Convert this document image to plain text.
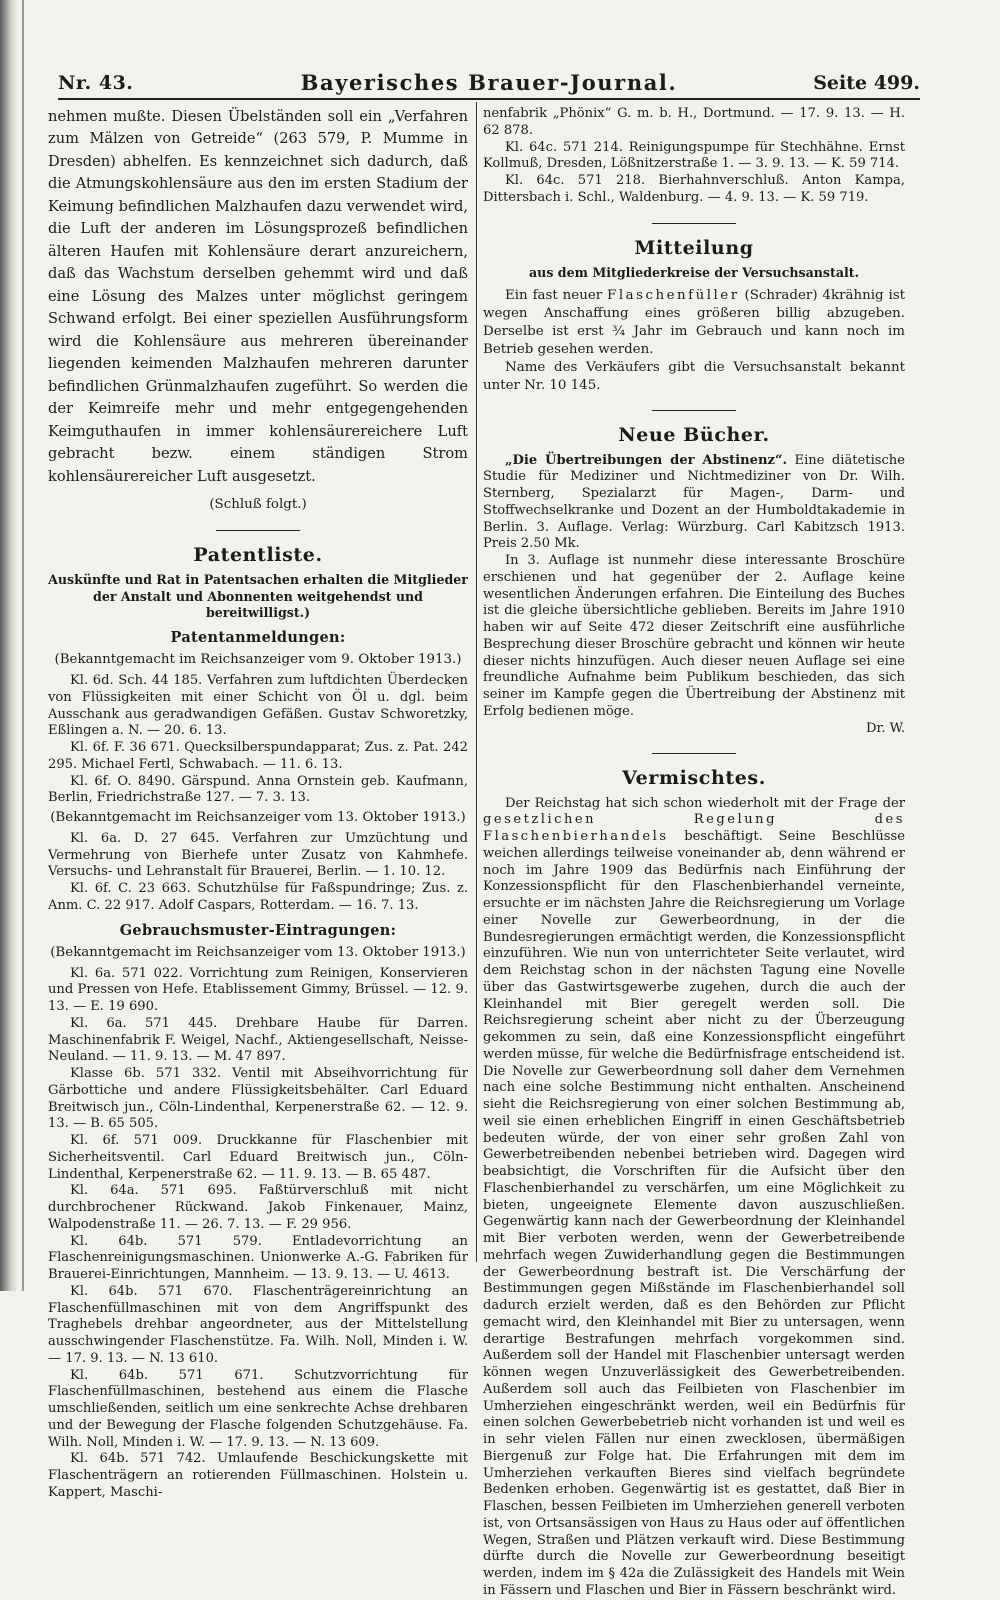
Nr. 43.	Bayerisches Brauer-Journal.	Seite 499.

nehmen mußte. Diesen Übelständen soll ein „Verfahren zum Mälzen von Getreide“ (263 579, P. Mumme in Dresden) abhelfen. Es kennzeichnet sich dadurch, daß die Atmungskohlensäure aus den im ersten Stadium der Keimung befindlichen Malzhaufen dazu verwendet wird, die Luft der anderen im Lösungsprozeß befindlichen älteren Haufen mit Kohlensäure derart anzureichern, daß das Wachstum derselben gehemmt wird und daß eine Lösung des Malzes unter möglichst geringem Schwand erfolgt. Bei einer speziellen Ausführungsform wird die Kohlensäure aus mehreren übereinander liegenden keimenden Malzhaufen mehreren darunter befindlichen Grünmalzhaufen zugeführt. So werden die der Keimreife mehr und mehr entgegengehenden Keimguthaufen in immer kohlensäurereichere Luft gebracht bezw. einem ständigen Strom kohlensäurereicher Luft ausgesetzt.

(Schluß folgt.)

Patentliste.

Auskünfte und Rat in Patentsachen erhalten die Mitglieder der Anstalt und Abonnenten weitgehendst und bereitwilligst.)

Patentanmeldungen:

(Bekanntgemacht im Reichsanzeiger vom 9. Oktober 1913.)

Kl. 6d. Sch. 44 185. Verfahren zum luftdichten Überdecken von Flüssigkeiten mit einer Schicht von Öl u. dgl. beim Ausschank aus geradwandigen Gefäßen. Gustav Schworetzky, Eßlingen a. N. — 20. 6. 13.

Kl. 6f. F. 36 671. Quecksilberspundapparat; Zus. z. Pat. 242 295. Michael Fertl, Schwabach. — 11. 6. 13.

Kl. 6f. O. 8490. Gärspund. Anna Ornstein geb. Kaufmann, Berlin, Friedrichstraße 127. — 7. 3. 13.

(Bekanntgemacht im Reichsanzeiger vom 13. Oktober 1913.)

Kl. 6a. D. 27 645. Verfahren zur Umzüchtung und Vermehrung von Bierhefe unter Zusatz von Kahmhefe. Versuchs- und Lehranstalt für Brauerei, Berlin. — 1. 10. 12.

Kl. 6f. C. 23 663. Schutzhülse für Faßspundringe; Zus. z. Anm. C. 22 917. Adolf Caspars, Rotterdam. — 16. 7. 13.

Gebrauchsmuster-Eintragungen:

(Bekanntgemacht im Reichsanzeiger vom 13. Oktober 1913.)

Kl. 6a. 571 022. Vorrichtung zum Reinigen, Konservieren und Pressen von Hefe. Etablissement Gimmy, Brüssel. — 12. 9. 13. — E. 19 690.

Kl. 6a. 571 445. Drehbare Haube für Darren. Maschinenfabrik F. Weigel, Nachf., Aktiengesellschaft, Neisse-Neuland. — 11. 9. 13. — M. 47 897.

Klasse 6b. 571 332. Ventil mit Abseihvorrichtung für Gärbottiche und andere Flüssigkeitsbehälter. Carl Eduard Breitwisch jun., Cöln-Lindenthal, Kerpenerstraße 62. — 12. 9. 13. — B. 65 505.

Kl. 6f. 571 009. Druckkanne für Flaschenbier mit Sicherheitsventil. Carl Eduard Breitwisch jun., Cöln-Lindenthal, Kerpenerstraße 62. — 11. 9. 13. — B. 65 487.

Kl. 64a. 571 695. Faßtürverschluß mit nicht durchbrochener Rückwand. Jakob Finkenauer, Mainz, Walpodenstraße 11. — 26. 7. 13. — F. 29 956.

Kl. 64b. 571 579. Entladevorrichtung an Flaschenreinigungsmaschinen. Unionwerke A.-G. Fabriken für Brauerei-Einrichtungen, Mannheim. — 13. 9. 13. — U. 4613.

Kl. 64b. 571 670. Flaschenträgereinrichtung an Flaschenfüllmaschinen mit von dem Angriffspunkt des Traghebels drehbar angeordneter, aus der Mittelstellung ausschwingender Flaschenstütze. Fa. Wilh. Noll, Minden i. W. — 17. 9. 13. — N. 13 610.

Kl. 64b. 571 671. Schutzvorrichtung für Flaschenfüllmaschinen, bestehend aus einem die Flasche umschließenden, seitlich um eine senkrechte Achse drehbaren und der Bewegung der Flasche folgenden Schutzgehäuse. Fa. Wilh. Noll, Minden i. W. — 17. 9. 13. — N. 13 609.

Kl. 64b. 571 742. Umlaufende Beschickungskette mit Flaschenträgern an rotierenden Füllmaschinen. Holstein u. Kappert, Maschi-

nenfabrik „Phönix“ G. m. b. H., Dortmund. — 17. 9. 13. — H. 62 878.

Kl. 64c. 571 214. Reinigungspumpe für Stechhähne. Ernst Kollmuß, Dresden, Lößnitzerstraße 1. — 3. 9. 13. — K. 59 714.

Kl. 64c. 571 218. Bierhahnverschluß. Anton Kampa, Dittersbach i. Schl., Waldenburg. — 4. 9. 13. — K. 59 719.

Mitteilung

aus dem Mitgliederkreise der Versuchsanstalt.

Ein fast neuer Flaschenfüller (Schrader) 4krähnig ist wegen Anschaffung eines größeren billig abzugeben. Derselbe ist erst ¾ Jahr im Gebrauch und kann noch im Betrieb gesehen werden.

Name des Verkäufers gibt die Versuchsanstalt bekannt unter Nr. 10 145.

Neue Bücher.

„Die Übertreibungen der Abstinenz“. Eine diätetische Studie für Mediziner und Nichtmediziner von Dr. Wilh. Sternberg, Spezialarzt für Magen-, Darm- und Stoffwechselkranke und Dozent an der Humboldtakademie in Berlin. 3. Auflage. Verlag: Würzburg. Carl Kabitzsch 1913. Preis 2.50 Mk.

In 3. Auflage ist nunmehr diese interessante Broschüre erschienen und hat gegenüber der 2. Auflage keine wesentlichen Änderungen erfahren. Die Einteilung des Buches ist die gleiche übersichtliche geblieben. Bereits im Jahre 1910 haben wir auf Seite 472 dieser Zeitschrift eine ausführliche Besprechung dieser Broschüre gebracht und können wir heute dieser nichts hinzufügen. Auch dieser neuen Auflage sei eine freundliche Aufnahme beim Publikum beschieden, das sich seiner im Kampfe gegen die Übertreibung der Abstinenz mit Erfolg bedienen möge.

Dr. W.

Vermischtes.

Der Reichstag hat sich schon wiederholt mit der Frage der gesetzlichen Regelung des Flaschenbierhandels beschäftigt. Seine Beschlüsse weichen allerdings teilweise voneinander ab, denn während er noch im Jahre 1909 das Bedürfnis nach Einführung der Konzessionspflicht für den Flaschenbierhandel verneinte, ersuchte er im nächsten Jahre die Reichsregierung um Vorlage einer Novelle zur Gewerbeordnung, in der die Bundesregierungen ermächtigt werden, die Konzessionspflicht einzuführen. Wie nun von unterrichteter Seite verlautet, wird dem Reichstag schon in der nächsten Tagung eine Novelle über das Gastwirtsgewerbe zugehen, durch die auch der Kleinhandel mit Bier geregelt werden soll. Die Reichsregierung scheint aber nicht zu der Überzeugung gekommen zu sein, daß eine Konzessionspflicht eingeführt werden müsse, für welche die Bedürfnisfrage entscheidend ist. Die Novelle zur Gewerbeordnung soll daher dem Vernehmen nach eine solche Bestimmung nicht enthalten. Anscheinend sieht die Reichsregierung von einer solchen Bestimmung ab, weil sie einen erheblichen Eingriff in einen Geschäftsbetrieb bedeuten würde, der von einer sehr großen Zahl von Gewerbetreibenden nebenbei betrieben wird. Dagegen wird beabsichtigt, die Vorschriften für die Aufsicht über den Flaschenbierhandel zu verschärfen, um eine Möglichkeit zu bieten, ungeeignete Elemente davon auszuschließen. Gegenwärtig kann nach der Gewerbeordnung der Kleinhandel mit Bier verboten werden, wenn der Gewerbetreibende mehrfach wegen Zuwiderhandlung gegen die Bestimmungen der Gewerbeordnung bestraft ist. Die Verschärfung der Bestimmungen gegen Mißstände im Flaschenbierhandel soll dadurch erzielt werden, daß es den Behörden zur Pflicht gemacht wird, den Kleinhandel mit Bier zu untersagen, wenn derartige Bestrafungen mehrfach vorgekommen sind. Außerdem soll der Handel mit Flaschenbier untersagt werden können wegen Unzuverlässigkeit des Gewerbetreibenden. Außerdem soll auch das Feilbieten von Flaschenbier im Umherziehen eingeschränkt werden, weil ein Bedürfnis für einen solchen Gewerbebetrieb nicht vorhanden ist und weil es in sehr vielen Fällen nur einen zwecklosen, übermäßigen Biergenuß zur Folge hat. Die Erfahrungen mit dem im Umherziehen verkauften Bieres sind vielfach begründete Bedenken erhoben. Gegenwärtig ist es gestattet, daß Bier in Flaschen, bessen Feilbieten im Umherziehen generell verboten ist, von Ortsansässigen von Haus zu Haus oder auf öffentlichen Wegen, Straßen und Plätzen verkauft wird. Diese Bestimmung dürfte durch die Novelle zur Gewerbeordnung beseitigt werden, indem im § 42a die Zulässigkeit des Handels mit Wein in Fässern und Flaschen und Bier in Fässern beschränkt wird.
